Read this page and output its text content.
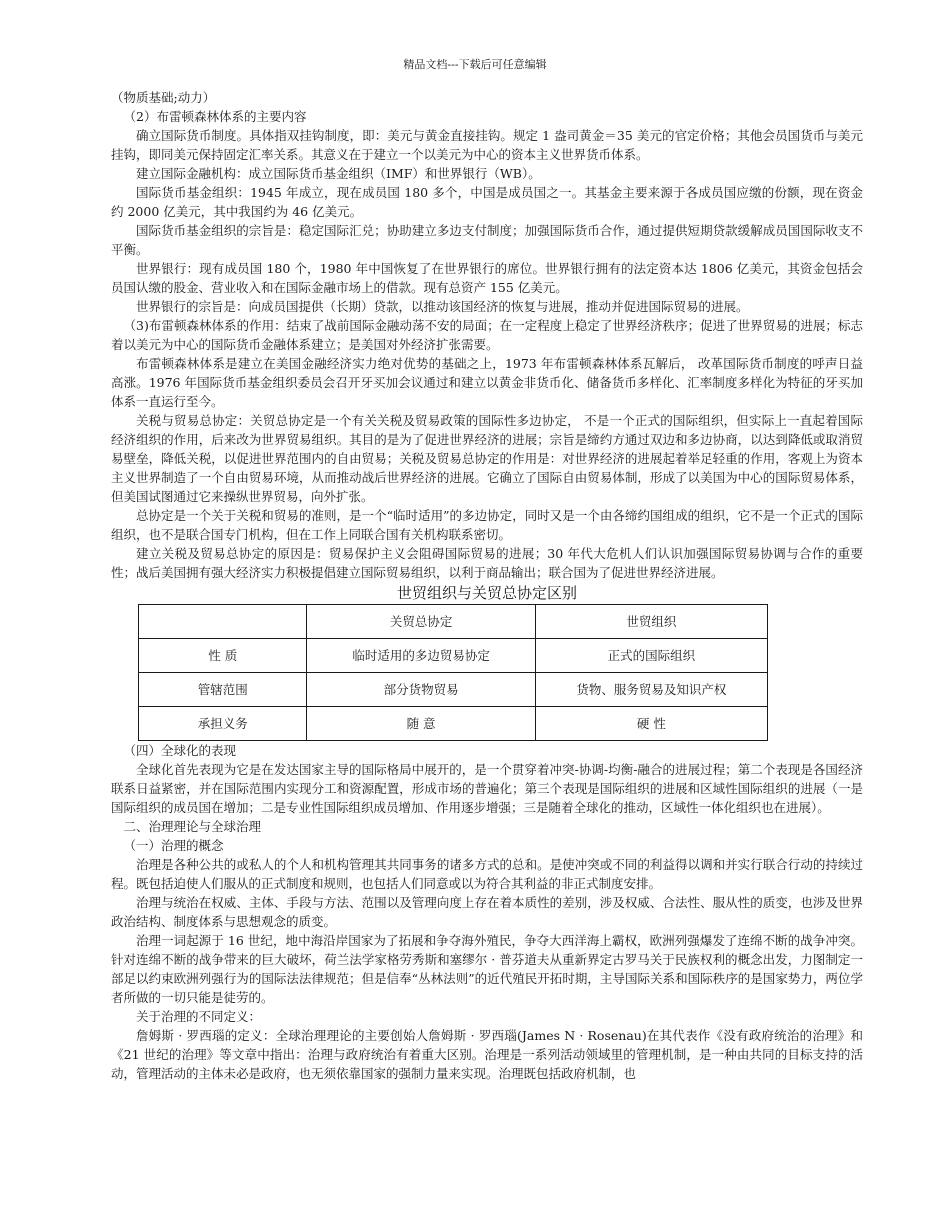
精品文档---下载后可任意编辑

（物质基础;动力）

（2）布雷顿森林体系的主要内容

确立国际货币制度。具体指双挂钩制度，即：美元与黄金直接挂钩。规定 1 盎司黄金＝35 美元的官定价格；其他会员国货币与美元挂钩，即同美元保持固定汇率关系。其意义在于建立一个以美元为中心的资本主义世界货币体系。

建立国际金融机构：成立国际货币基金组织（IMF）和世界银行（WB）。

国际货币基金组织：1945 年成立，现在成员国 180 多个，中国是成员国之一。其基金主要来源于各成员国应缴的份额，现在资金约 2000 亿美元，其中我国约为 46 亿美元。

国际货币基金组织的宗旨是：稳定国际汇兑；协助建立多边支付制度；加强国际货币合作，通过提供短期贷款缓解成员国国际收支不平衡。

世界银行：现有成员国 180 个，1980 年中国恢复了在世界银行的席位。世界银行拥有的法定资本达 1806 亿美元，其资金包括会员国认缴的股金、营业收入和在国际金融市场上的借款。现有总资产 155 亿美元。

世界银行的宗旨是：向成员国提供（长期）贷款，以推动该国经济的恢复与进展，推动并促进国际贸易的进展。

（3)布雷顿森林体系的作用：结束了战前国际金融动荡不安的局面；在一定程度上稳定了世界经济秩序；促进了世界贸易的进展；标志着以美元为中心的国际货币金融体系建立；是美国对外经济扩张需要。

布雷顿森林体系是建立在美国金融经济实力绝对优势的基础之上，1973 年布雷顿森林体系瓦解后， 改革国际货币制度的呼声日益高涨。1976 年国际货币基金组织委员会召开牙买加会议通过和建立以黄金非货币化、储备货币多样化、汇率制度多样化为特征的牙买加体系一直运行至今。

关税与贸易总协定：关贸总协定是一个有关关税及贸易政策的国际性多边协定， 不是一个正式的国际组织，但实际上一直起着国际经济组织的作用，后来改为世界贸易组织。其目的是为了促进世界经济的进展；宗旨是缔约方通过双边和多边协商，以达到降低或取消贸易壁垒，降低关税，以促进世界范围内的自由贸易；关税及贸易总协定的作用是：对世界经济的进展起着举足轻重的作用，客观上为资本主义世界制造了一个自由贸易环境，从而推动战后世界经济的进展。它确立了国际自由贸易体制，形成了以美国为中心的国际贸易体系，但美国试图通过它来操纵世界贸易，向外扩张。

总协定是一个关于关税和贸易的准则，是一个“临时适用”的多边协定，同时又是一个由各缔约国组成的组织，它不是一个正式的国际组织，也不是联合国专门机构，但在工作上同联合国有关机构联系密切。

建立关税及贸易总协定的原因是：贸易保护主义会阻碍国际贸易的进展；30 年代大危机人们认识加强国际贸易协调与合作的重要性；战后美国拥有强大经济实力积极提倡建立国际贸易组织，以利于商品输出；联合国为了促进世界经济进展。

世贸组织与关贸总协定区别

	关贸总协定	世贸组织
性 质	临时适用的多边贸易协定	正式的国际组织
管辖范围	部分货物贸易	货物、服务贸易及知识产权
承担义务	随 意	硬 性

（四）全球化的表现

全球化首先表现为它是在发达国家主导的国际格局中展开的，是一个贯穿着冲突-协调-均衡-融合的进展过程；第二个表现是各国经济联系日益紧密，并在国际范围内实现分工和资源配置，形成市场的普遍化；第三个表现是国际组织的进展和区域性国际组织的进展（一是国际组织的成员国在增加；二是专业性国际组织成员增加、作用逐步增强；三是随着全球化的推动，区域性一体化组织也在进展）。

二、治理理论与全球治理

（一）治理的概念

治理是各种公共的或私人的个人和机构管理其共同事务的诸多方式的总和。是使冲突或不同的利益得以调和并实行联合行动的持续过程。既包括迫使人们服从的正式制度和规则，也包括人们同意或以为符合其利益的非正式制度安排。

治理与统治在权威、主体、手段与方法、范围以及管理向度上存在着本质性的差别，涉及权威、合法性、服从性的质变，也涉及世界政治结构、制度体系与思想观念的质变。

治理一词起源于 16 世纪，地中海沿岸国家为了拓展和争夺海外殖民，争夺大西洋海上霸权，欧洲列强爆发了连绵不断的战争冲突。针对连绵不断的战争带来的巨大破坏，荷兰法学家格劳秀斯和塞缪尔 · 普芬道夫从重新界定古罗马关于民族权利的概念出发，力图制定一部足以约束欧洲列强行为的国际法法律规范；但是信奉“丛林法则”的近代殖民开拓时期，主导国际关系和国际秩序的是国家势力，两位学者所做的一切只能是徒劳的。

关于治理的不同定义：

詹姆斯 · 罗西瑙的定义：全球治理理论的主要创始人詹姆斯 · 罗西瑙(James N · Rosenau)在其代表作《没有政府统治的治理》和《21 世纪的治理》等文章中指出：治理与政府统治有着重大区别。治理是一系列活动领域里的管理机制，是一种由共同的目标支持的活动，管理活动的主体未必是政府，也无须依靠国家的强制力量来实现。治理既包括政府机制，也
